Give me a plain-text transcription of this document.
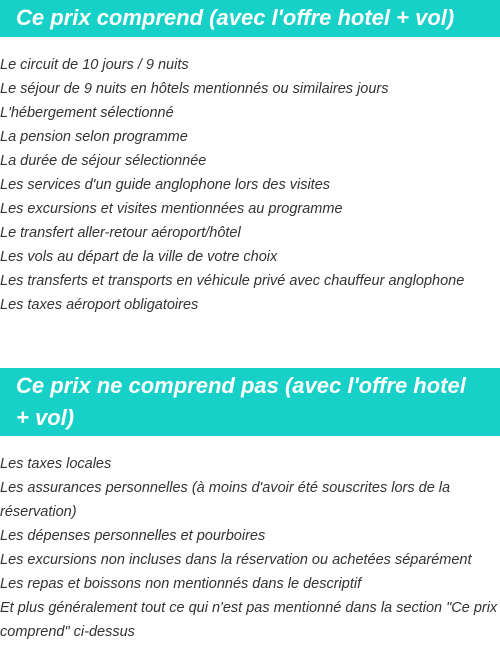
Ce prix comprend (avec l'offre hotel + vol)
Le circuit de 10 jours / 9 nuits
Le séjour de 9 nuits en hôtels mentionnés ou similaires jours
L'hébergement sélectionné
La pension selon programme
La durée de séjour sélectionnée
Les services d'un guide anglophone lors des visites
Les excursions et visites mentionnées au programme
Le transfert aller-retour aéroport/hôtel
Les vols au départ de la ville de votre choix
Les transferts et transports en véhicule privé avec chauffeur anglophone
Les taxes aéroport obligatoires
Ce prix ne comprend pas (avec l'offre hotel + vol)
Les taxes locales
Les assurances personnelles (à moins d'avoir été souscrites lors de la réservation)
Les dépenses personnelles et pourboires
Les excursions non incluses dans la réservation ou achetées séparément
Les repas et boissons non mentionnés dans le descriptif
Et plus généralement tout ce qui n'est pas mentionné dans la section "Ce prix comprend" ci-dessus
